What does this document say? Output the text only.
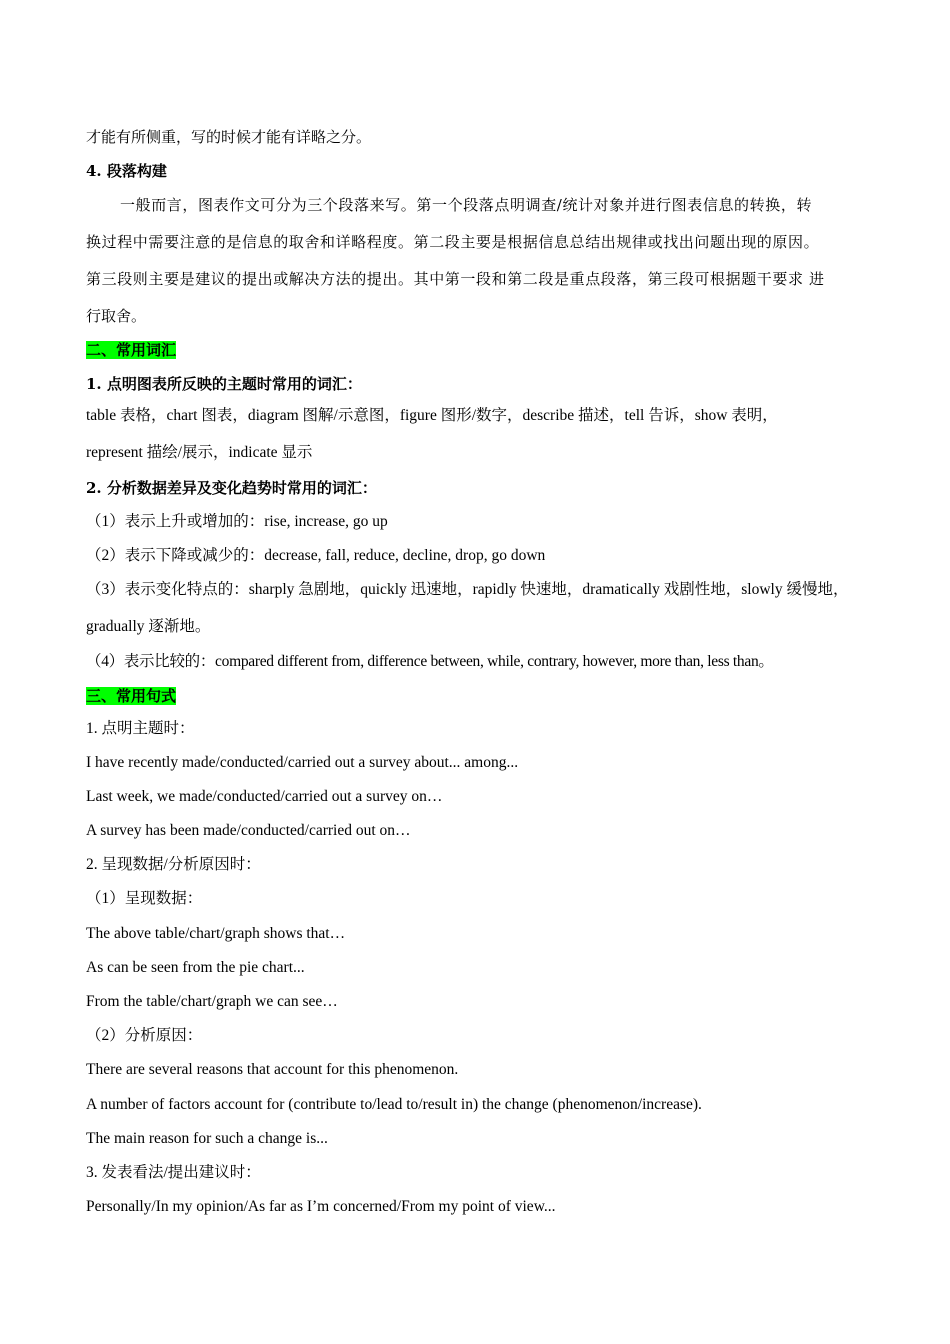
才能有所侧重，写的时候才能有详略之分。
4. 段落构建
一般而言，图表作文可分为三个段落来写。第一个段落点明调查/统计对象并进行图表信息的转换，转
换过程中需要注意的是信息的取舍和详略程度。第二段主要是根据信息总结出规律或找出问题出现的原因。
第三段则主要是建议的提出或解决方法的提出。其中第一段和第二段是重点段落，第三段可根据题干要求 进
行取舍。
二、常用词汇
1. 点明图表所反映的主题时常用的词汇：
table 表格，chart 图表，diagram 图解/示意图，figure 图形/数字，describe 描述，tell 告诉，show 表明，
represent 描绘/展示，indicate 显示
2. 分析数据差异及变化趋势时常用的词汇：
（1）表示上升或增加的：rise, increase, go up
（2）表示下降或减少的：decrease, fall, reduce, decline, drop, go down
（3）表示变化特点的：sharply 急剧地，quickly 迅速地，rapidly 快速地，dramatically 戏剧性地，slowly 缓慢地，
gradually 逐渐地。
（4）表示比较的：compared different from, difference between, while, contrary, however, more than, less than。
三、常用句式
1. 点明主题时：
I have recently made/conducted/carried out a survey about... among...
Last week, we made/conducted/carried out a survey on…
A survey has been made/conducted/carried out on…
2. 呈现数据/分析原因时：
（1）呈现数据：
The above table/chart/graph shows that…
As can be seen from the pie chart...
From the table/chart/graph we can see…
（2）分析原因：
There are several reasons that account for this phenomenon.
A number of factors account for (contribute to/lead to/result in) the change (phenomenon/increase).
The main reason for such a change is...
3. 发表看法/提出建议时：
Personally/In my opinion/As far as I’m concerned/From my point of view...
